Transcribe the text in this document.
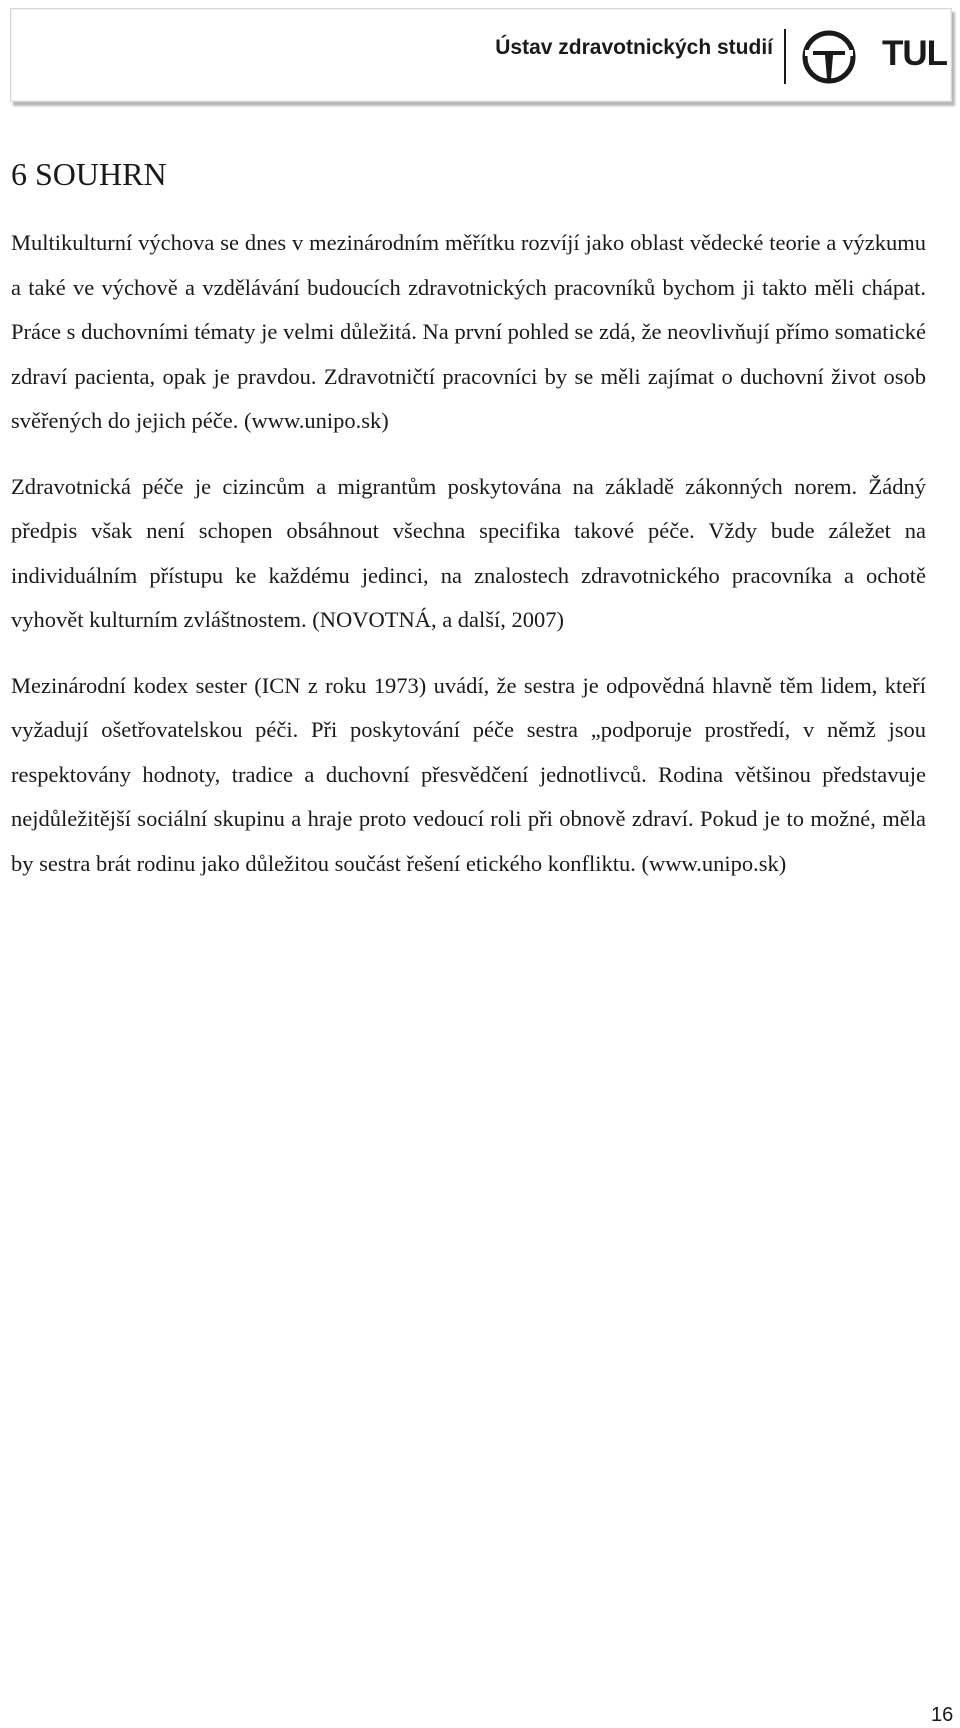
Ústav zdravotnických studií	TUL
6 SOUHRN

Multikulturní výchova se dnes v mezinárodním měřítku rozvíjí jako oblast vědecké teorie a výzkumu a také ve výchově a vzdělávání budoucích zdravotnických pracovníků bychom ji takto měli chápat. Práce s duchovními tématy je velmi důležitá. Na první pohled se zdá, že neovlivňují přímo somatické zdraví pacienta, opak je pravdou. Zdravotničtí pracovníci by se měli zajímat o duchovní život osob svěřených do jejich péče. (www.unipo.sk)

Zdravotnická péče je cizincům a migrantům poskytována na základě zákonných norem. Žádný předpis však není schopen obsáhnout všechna specifika takové péče. Vždy bude záležet na individuálním přístupu ke každému jedinci, na znalostech zdravotnického pracovníka a ochotě vyhovět kulturním zvláštnostem. (NOVOTNÁ, a další, 2007)

Mezinárodní kodex sester (ICN z roku 1973) uvádí, že sestra je odpovědná hlavně těm lidem, kteří vyžadují ošetřovatelskou péči. Při poskytování péče sestra „podporuje prostředí, v němž jsou respektovány hodnoty, tradice a duchovní přesvědčení jednotlivců. Rodina většinou představuje nejdůležitější sociální skupinu a hraje proto vedoucí roli při obnově zdraví. Pokud je to možné, měla by sestra brát rodinu jako důležitou součást řešení etického konfliktu. (www.unipo.sk)

16
